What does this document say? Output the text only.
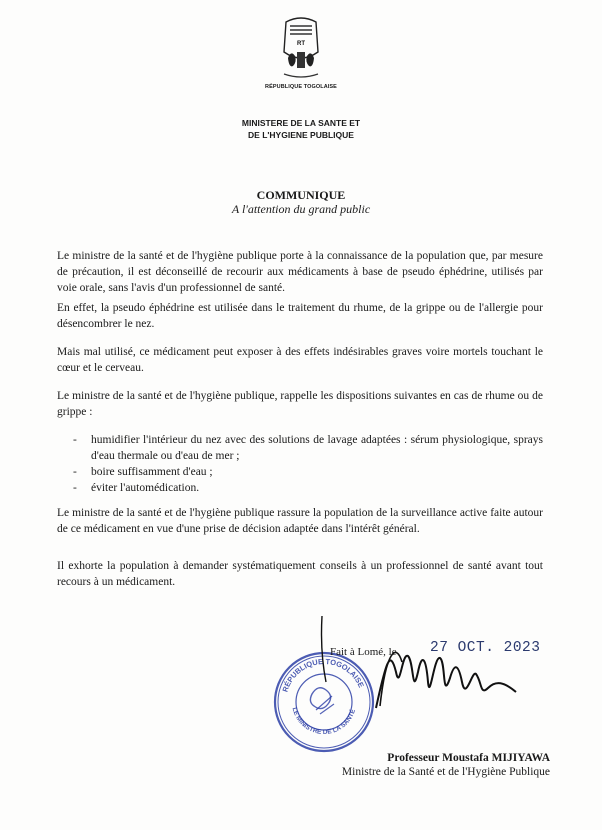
RT
RÉPUBLIQUE TOGOLAISE
MINISTERE DE LA SANTE ET
DE L'HYGIENE PUBLIQUE
COMMUNIQUE
A l'attention du grand public

Le ministre de la santé et de l'hygiène publique porte à la connaissance de la population que, par mesure de précaution, il est déconseillé de recourir aux médicaments à base de pseudo éphédrine, utilisés par voie orale, sans l'avis d'un professionnel de santé.

En effet, la pseudo éphédrine est utilisée dans le traitement du rhume, de la grippe ou de l'allergie pour désencombrer le nez.

Mais mal utilisé, ce médicament peut exposer à des effets indésirables graves voire mortels touchant le cœur et le cerveau.

Le ministre de la santé et de l'hygiène publique, rappelle les dispositions suivantes en cas de rhume ou de grippe :

- humidifier l'intérieur du nez avec des solutions de lavage adaptées : sérum physiologique, sprays d'eau thermale ou d'eau de mer ;
- boire suffisamment d'eau ;
- éviter l'automédication.

Le ministre de la santé et de l'hygiène publique rassure la population de la surveillance active faite autour de ce médicament en vue d'une prise de décision adaptée dans l'intérêt général.

Il exhorte la population à demander systématiquement conseils à un professionnel de santé avant tout recours à un médicament.

RÉPUBLIQUE TOGOLAISE
LE MINISTRE DE LA SANTÉ
Fait à Lomé, le 27 OCT. 2023
Professeur Moustafa MIJIYAWA
Ministre de la Santé et de l'Hygiène Publique
